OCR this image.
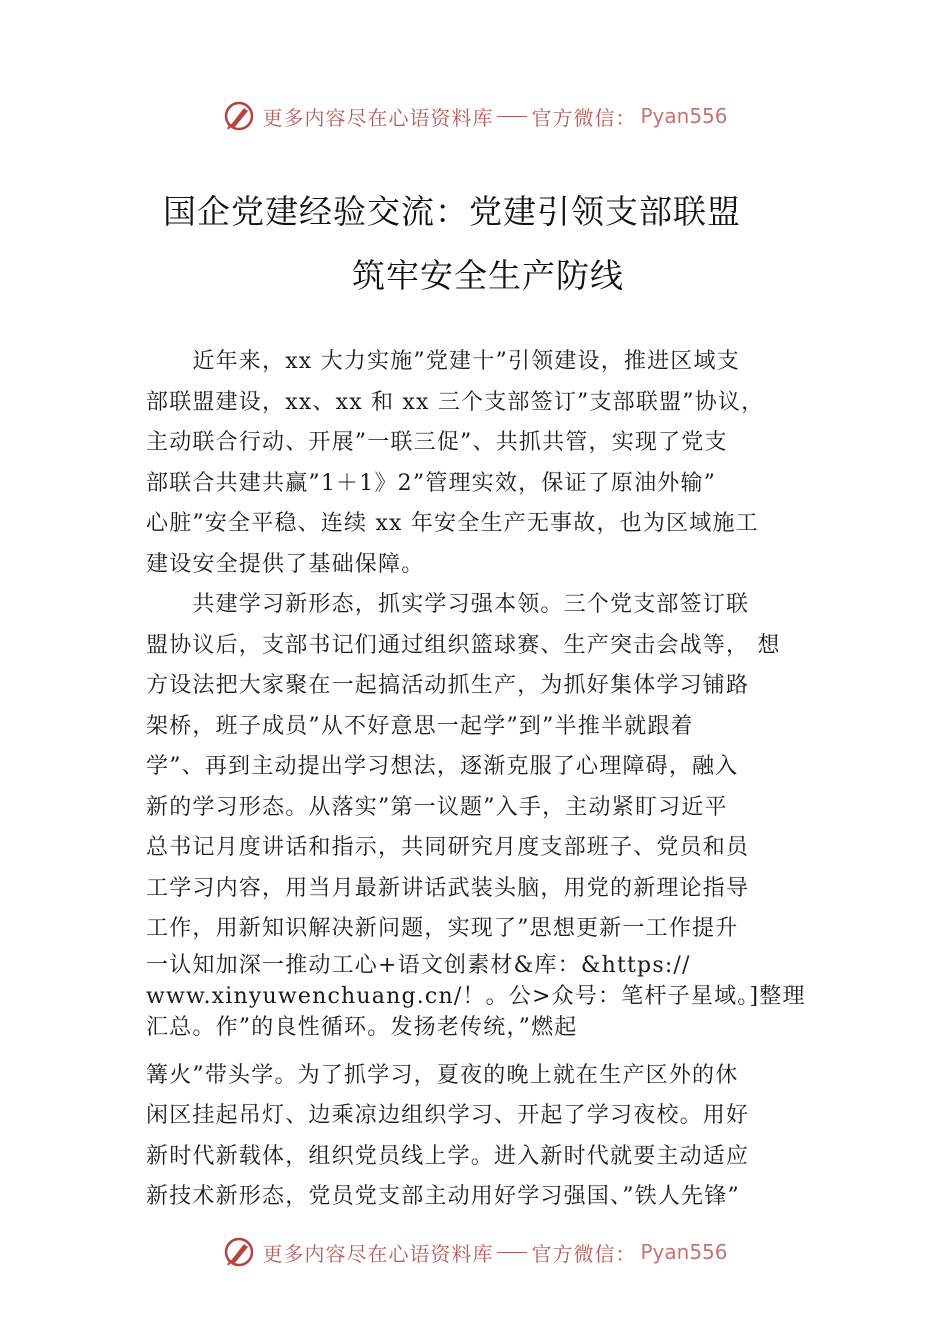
更多内容尽在心语资料库 官方微信： Pyan556
国企党建经验交流：党建引领支部联盟
筑牢安全生产防线
　　近年来，xx 大力实施”党建十”引领建设，推进区域支
部联盟建设，xx、xx 和 xx 三个支部签订”支部联盟”协议，
主动联合行动、开展”一联三促”、共抓共管，实现了党支
部联合共建共赢”1＋1》2”管理实效，保证了原油外输”
心脏”安全平稳、连续 xx 年安全生产无事故，也为区域施工
建设安全提供了基础保障。
　　共建学习新形态，抓实学习强本领。三个党支部签订联
盟协议后，支部书记们通过组织篮球赛、生产突击会战等， 想
方设法把大家聚在一起搞活动抓生产，为抓好集体学习铺路
架桥，班子成员”从不好意思一起学”到”半推半就跟着
学”、再到主动提出学习想法，逐渐克服了心理障碍，融入
新的学习形态。从落实”第一议题”入手，主动紧盯习近平
总书记月度讲话和指示，共同研究月度支部班子、党员和员
工学习内容，用当月最新讲话武装头脑，用党的新理论指导
工作，用新知识解决新问题，实现了”思想更新一工作提升
一认知加深一推动工心+语文创素材&库：&https://
www.xinyuwenchuang.cn/！。公>众号：笔杆子星域。]整理
汇总。作”的良性循环。发扬老传统，”燃起
篝火”带头学。为了抓学习，夏夜的晚上就在生产区外的休
闲区挂起吊灯、边乘凉边组织学习、开起了学习夜校。用好
新时代新载体，组织党员线上学。进入新时代就要主动适应
新技术新形态，党员党支部主动用好学习强国、”铁人先锋”
更多内容尽在心语资料库 官方微信： Pyan556
